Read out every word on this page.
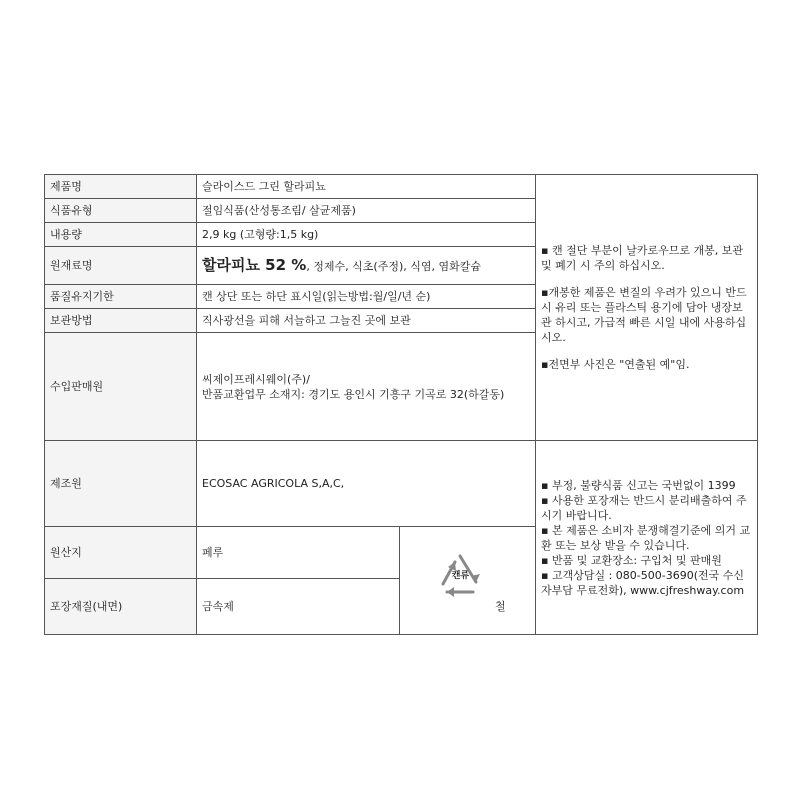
제품명	슬라이스드 그린 할라피뇨		▪ 캔 절단 부분이 날카로우므로 개봉, 보관 및 폐기 시 주의 하십시오.

▪개봉한 제품은 변질의 우려가 있으니 반드시 유리 또는 플라스틱 용기에 담아 냉장보관 하시고, 가급적 빠른 시일 내에 사용하십시오.

▪전면부 사진은 "연출된 예"임.

식품유형	절임식품(산성통조림/ 살균제품)		
내용량	2,9 kg (고형량:1,5 kg)		
원재료명	할라피뇨 52 %, 정제수, 식초(주정), 식염, 염화칼슘		
품질유지기한	캔 상단 또는 하단 표시일(읽는방법:월/일/년 순)		
보관방법	직사광선을 피해 서늘하고 그늘진 곳에 보관		
수입판매원	씨제이프레시웨이(주)/
반품교환업무 소재지: 경기도 용인시 기흥구 기곡로 32(하갈동)		

제조원	ECOSAC AGRICOLA S,A,C,		▪ 부정, 불량식품 신고는 국번없이 1399
▪ 사용한 포장재는 반드시 분리배출하여 주시기 바랍니다.
▪ 본 제품은 소비자 분쟁해결기준에 의거 교환 또는 보상 받을 수 있습니다.
▪ 반품 및 교환장소: 구입처 및 판매원
▪ 고객상담실 : 080-500-3690(전국 수신자부담 무료전화), www.cjfreshway.com

원산지	페루	캔류
철	
포장재질(내면)	금속제		
